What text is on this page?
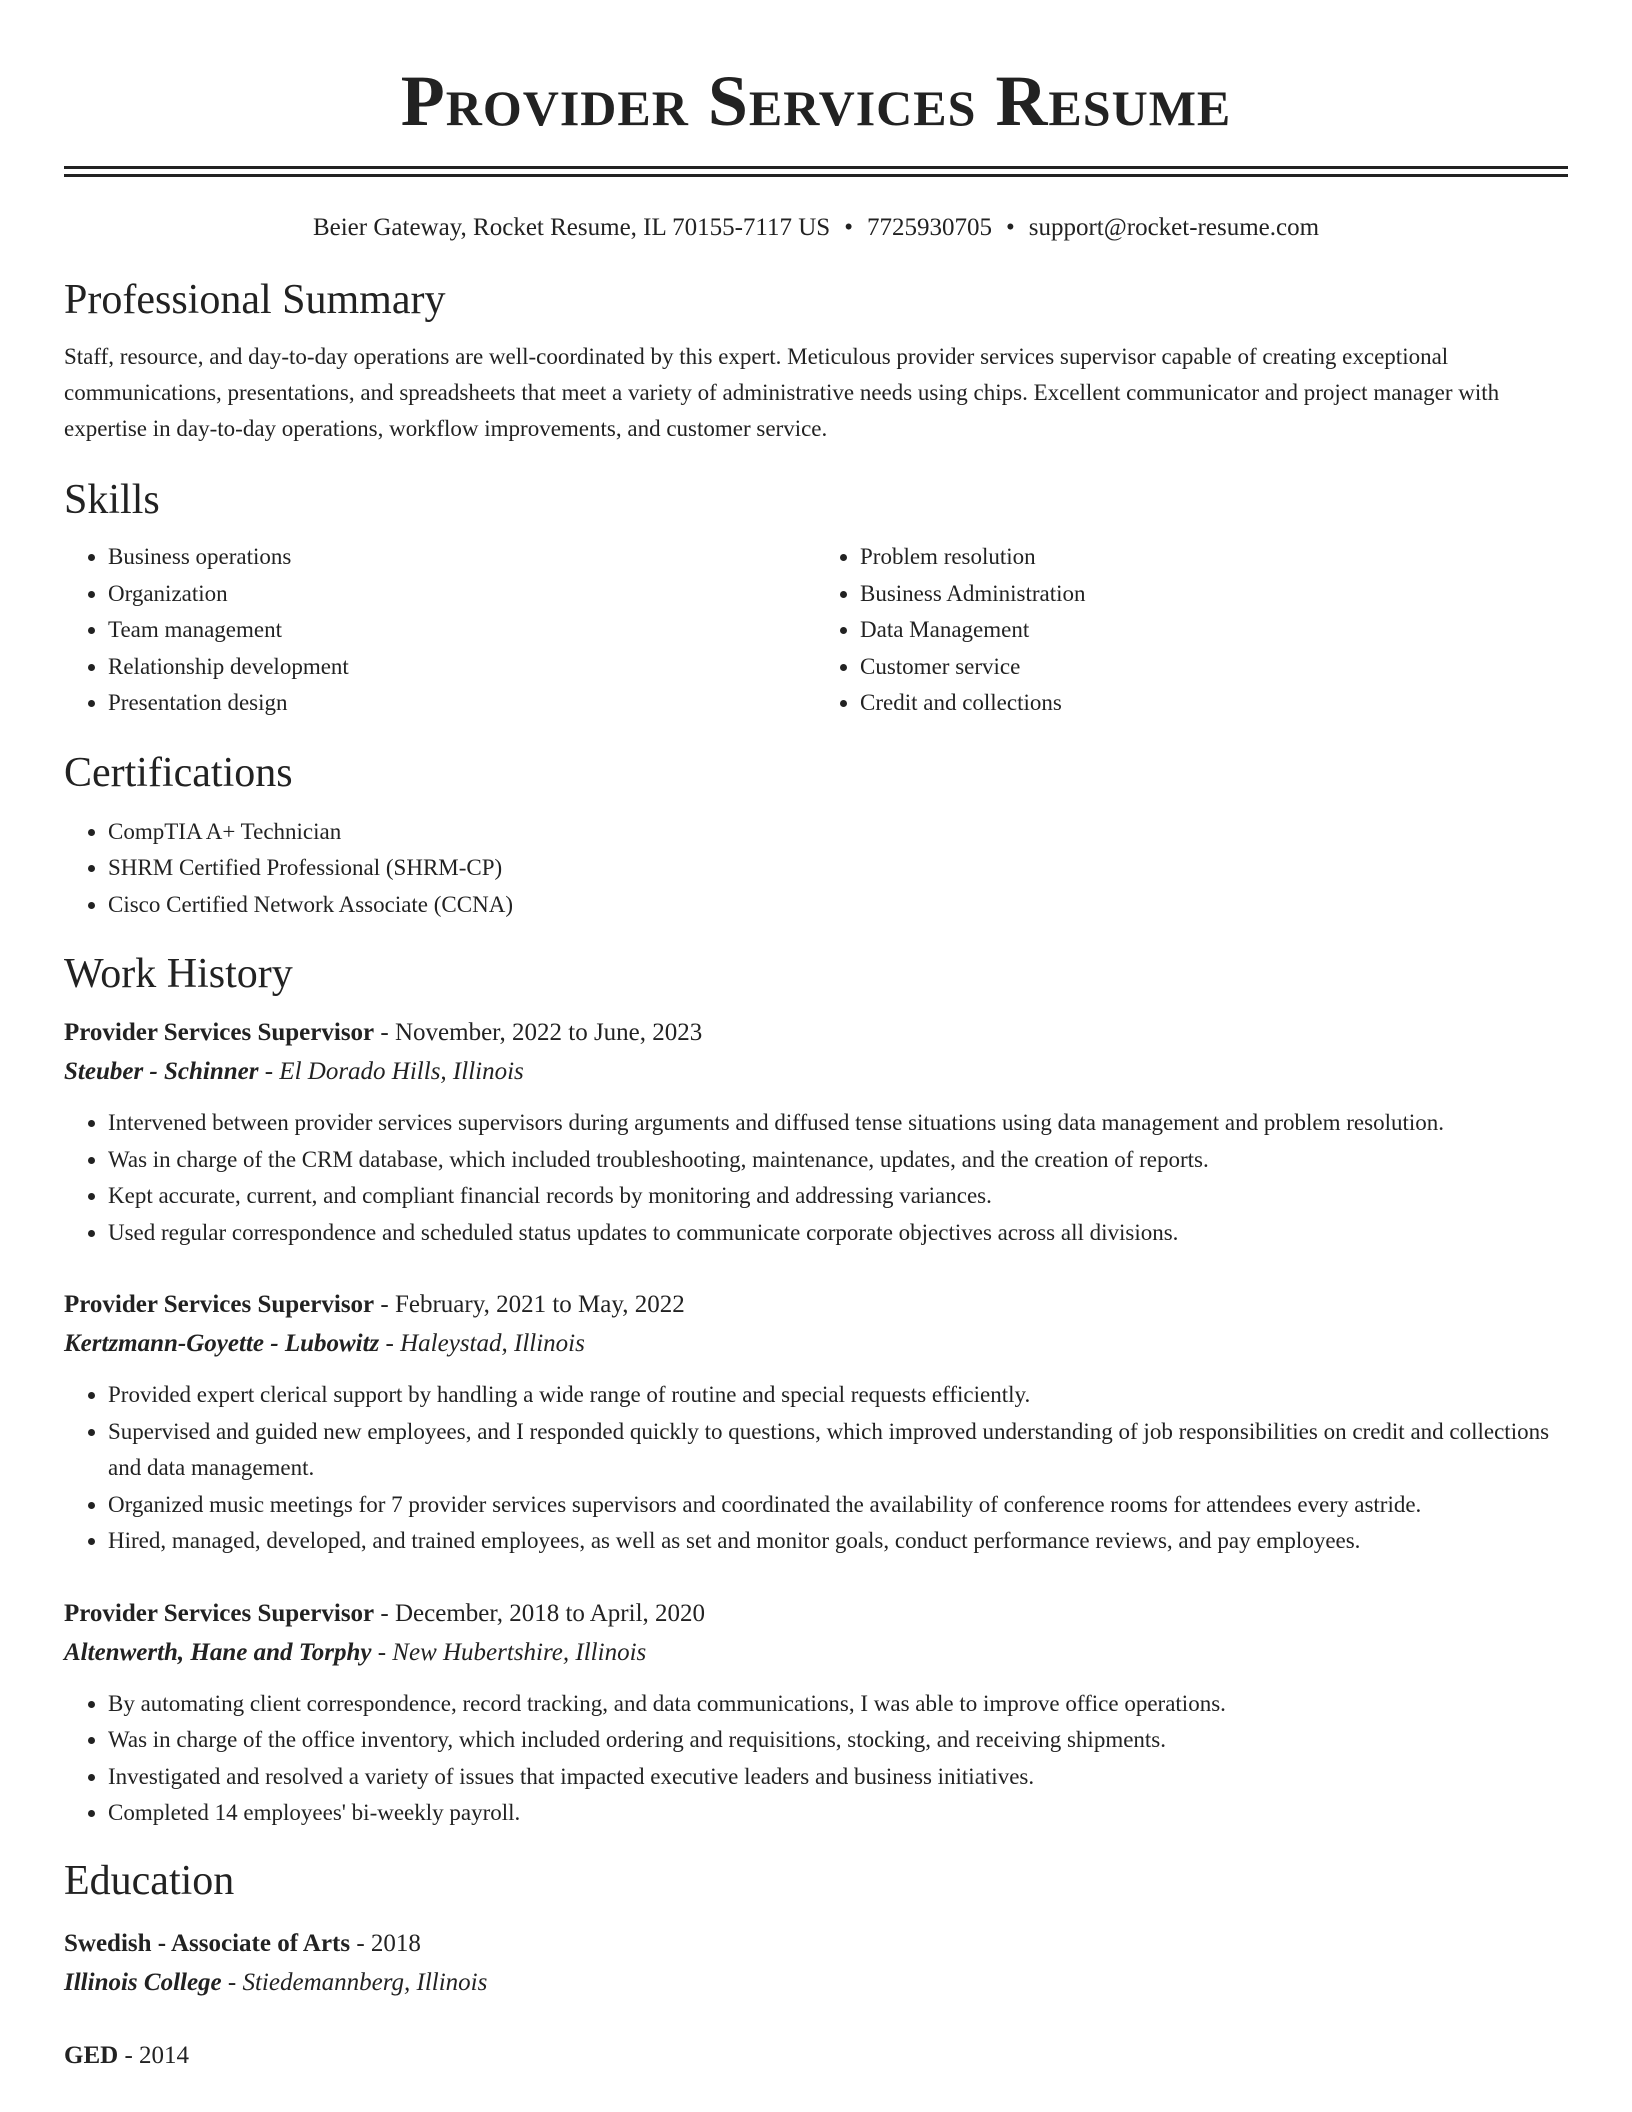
Provider Services Resume
Beier Gateway, Rocket Resume, IL 70155-7117 US • 7725930705 • support@rocket-resume.com
Professional Summary
Staff, resource, and day-to-day operations are well-coordinated by this expert. Meticulous provider services supervisor capable of creating exceptional communications, presentations, and spreadsheets that meet a variety of administrative needs using chips. Excellent communicator and project manager with expertise in day-to-day operations, workflow improvements, and customer service.
Skills
• Business operations
• Organization
• Team management
• Relationship development
• Presentation design
• Problem resolution
• Business Administration
• Data Management
• Customer service
• Credit and collections
Certifications
• CompTIA A+ Technician
• SHRM Certified Professional (SHRM-CP)
• Cisco Certified Network Associate (CCNA)
Work History
Provider Services Supervisor - November, 2022 to June, 2023
Steuber - Schinner - El Dorado Hills, Illinois
• Intervened between provider services supervisors during arguments and diffused tense situations using data management and problem resolution.
• Was in charge of the CRM database, which included troubleshooting, maintenance, updates, and the creation of reports.
• Kept accurate, current, and compliant financial records by monitoring and addressing variances.
• Used regular correspondence and scheduled status updates to communicate corporate objectives across all divisions.
Provider Services Supervisor - February, 2021 to May, 2022
Kertzmann-Goyette - Lubowitz - Haleystad, Illinois
• Provided expert clerical support by handling a wide range of routine and special requests efficiently.
• Supervised and guided new employees, and I responded quickly to questions, which improved understanding of job responsibilities on credit and collections and data management.
• Organized music meetings for 7 provider services supervisors and coordinated the availability of conference rooms for attendees every astride.
• Hired, managed, developed, and trained employees, as well as set and monitor goals, conduct performance reviews, and pay employees.
Provider Services Supervisor - December, 2018 to April, 2020
Altenwerth, Hane and Torphy - New Hubertshire, Illinois
• By automating client correspondence, record tracking, and data communications, I was able to improve office operations.
• Was in charge of the office inventory, which included ordering and requisitions, stocking, and receiving shipments.
• Investigated and resolved a variety of issues that impacted executive leaders and business initiatives.
• Completed 14 employees' bi-weekly payroll.
Education
Swedish - Associate of Arts - 2018
Illinois College - Stiedemannberg, Illinois
GED - 2014
